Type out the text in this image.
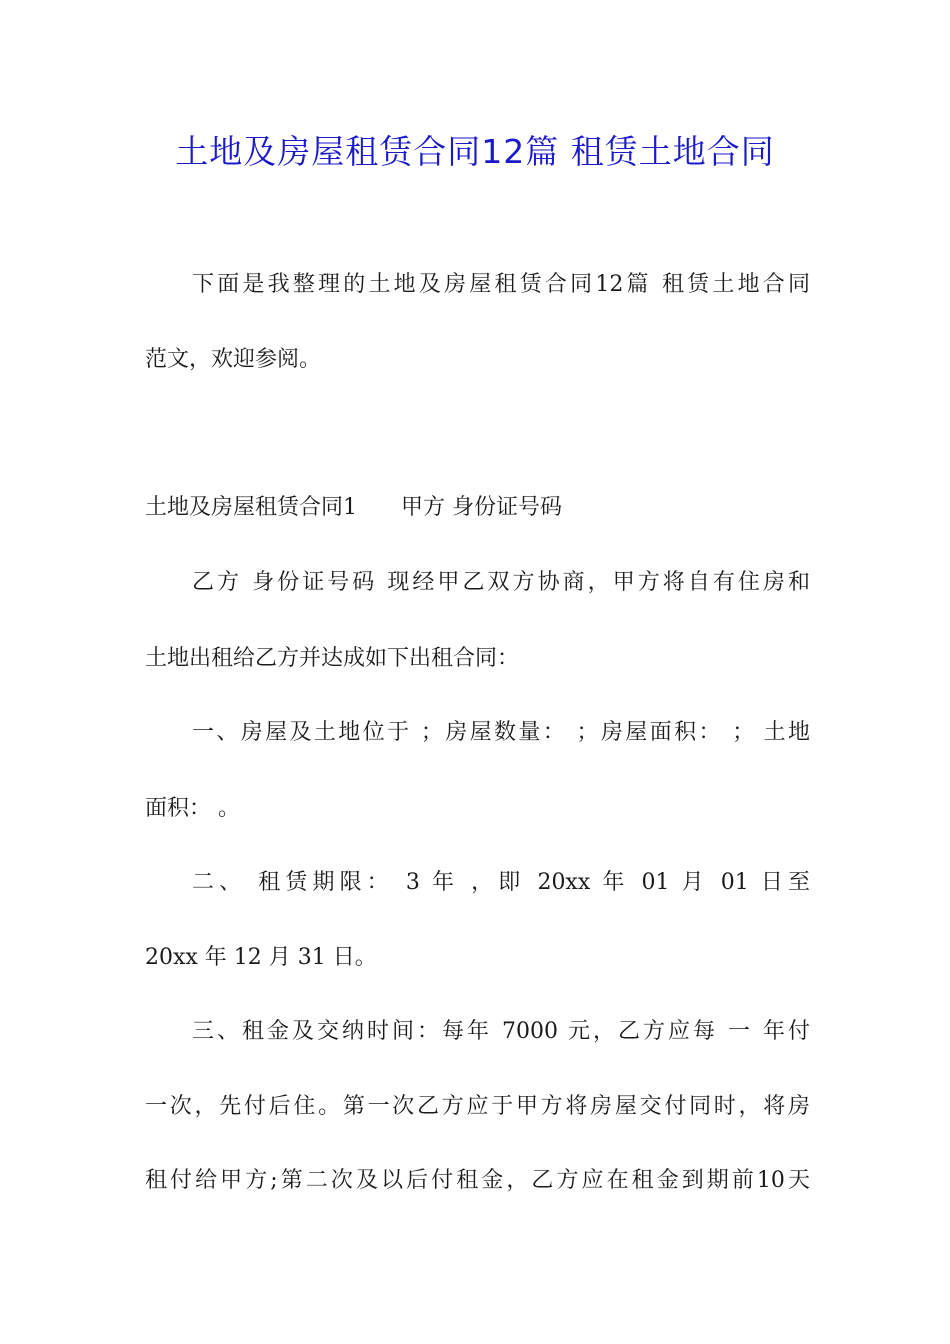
土地及房屋租赁合同12篇 租赁土地合同
下面是我整理的土地及房屋租赁合同12篇 租赁土地合同
范文，欢迎参阅。
土地及房屋租赁合同1　　甲方 身份证号码
乙方 身份证号码 现经甲乙双方协商，甲方将自有住房和
土地出租给乙方并达成如下出租合同：
一、房屋及土地位于 ；房屋数量： ；房屋面积： ； 土地
面积： 。
二、 租赁期限： 3 年 ，即 20xx 年 01 月 01 日至
20xx 年 12 月 31 日。
三、租金及交纳时间：每年 7000 元，乙方应每 一 年付
一次，先付后住。第一次乙方应于甲方将房屋交付同时，将房
租付给甲方;第二次及以后付租金，乙方应在租金到期前10天
